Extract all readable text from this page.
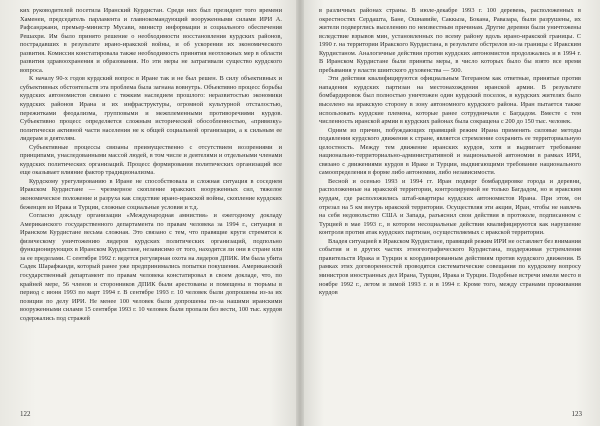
ких руководителей посетила Иранский Курдистан. Среди них был президент того времени Хаменеи, председатель парламента и главнокомандующий вооруженными силами ИРИ А. Рафсанджани, премьер-министр Мусави, министр информации и социального обеспечения Решахри. Им было принято решение о необходимости восстановления курдских районов, пострадавших в результате ирано-иракской войны, и об ускорении их экономического развития. Комиссия констатировала также необходимость принятия неотложных мер в области развития здравоохранения и образования. Но эти меры не затрагивали существо курдского вопроса.

К началу 90-х годов курдский вопрос в Иране так и не был решен. В силу объективных и субъективных обстоятельств эта проблема была загнана вовнутрь. Объективно процесс борьбы курдских автономистов связано с тяжким наследием прошлого: неразвитостью экономики курдских районов Ирана и их инфраструктуры, огромной культурной отсталостью, пережитками феодализма, групповыми и межплеменными противоречиями курдов. Субъективно процесс определяется сложным исторической обособленностью, «привязку» политически активной части населения не к общей социальной организации, а к сильным ее лидерам и деятелям.

Субъективные процессы связаны преимущественно с отсутствием воззрениями и принципами, унаследованными массой людей, в том числе и деятелями и отдельными членами курдских политических организаций. Процесс формирования политических организаций все еще оказывает влияние фактор традиционализма.

Курдскому урегулированию в Иране не способствовала и сложная ситуация в соседнем Иракском Курдистане — чрезмерное скопление иракских вооруженных сил, тяжелое экономическое положение и разруха как следствие ирано-иракской войны, скопление курдских беженцев из Ирака и Турции, сложные социальные условия и т.д.

Согласно докладу организации «Международная амнистия» и ежегодному докладу Американского государственного департамента по правам человека за 1994 г., ситуация в Иранском Курдистане весьма сложная. Это связано с тем, что правящие круги стремятся к физическому уничтожению лидеров курдских политических организаций, подпольно функционирующих в Иранском Курдистане, независимо от того, находятся ли они в стране или за ее пределами. С сентября 1992 г. ведется регулярная охота на лидеров ДПИК. Им была убита Садек Шарафканди, который ранее уже предпринимались попытки покушения. Американский государственный департамент по правам человека констатировал в своем докладе, что, по крайней мере, 56 членов и сторонников ДПИК были арестованы и помещены в тюрьмы в период с июня 1993 по март 1994 г. В сентябре 1993 г. 10 человек были допрошены из-за их позиции по делу ИРИ. Не менее 100 человек были допрошены по-за нашими иранскими вооруженными силами 15 сентября 1993 г. 10 человек были пропали без вести, 100 тыс. курдов содержались под стражей

122

в различных районах страны. В июле-декабре 1993 г. 100 деревень, расположенных в окрестностях Сердашта, Бане, Ошнавийе, Саккыза, Бокана, Равазара, были разрушены, их жители подверглись выселению по неизвестным причинам. Другие деревни были уничтожены вследствие взрывов мин, установленных по всему району вдоль ирано-иракской границы. С 1990 г. на территории Иракского Курдистана, в результате обстрелов из-за границы с Иракским Курдистаном. Аналогичные действия против курдских автономистов продолжались и в 1994 г. В Иранском Курдистане были приняты меры, в число которых было бы взято все время пребывания у власти шиитского духовенства — 500.

Эти действия квалифицируются официальным Тегераном как ответные, принятые против нападения курдских партизан на местонахождения иранской армии. В результате бомбардировок был полностью уничтожен один курдский поселок, в курдских жителях было выселено на иракскую сторону в зону автономного курдского района. Иран пытается также использовать курдские племена, которые ранее сотрудничали с Багдадом. Вместе с тем численность иранской армии в курдских районах была сокращена с 200 до 150 тыс. человек.

Одним из причин, побуждающих правящий режим Ирана применять силовые методы подавления курдского движения к стране, является стремление сохранить ее территориальную целостность. Между тем движение иранских курдов, хотя и выдвигает требование национально-территориально-административной и национальной автономии в рамках ИРИ, связано с движениями курдов в Ираке и Турции, выдвигающими требование национального самоопределения в форме либо автономии, либо независимости.

Весной и осенью 1993 и 1994 гг. Иран подверг бомбардировке города и деревни, расположенные на иракской территории, контролируемой не только Багдадом, но и иракским курдам, где расположились штаб-квартиры курдских автономистов Ирана. При этом, он отрезал на 5 км внутрь иракской территории. Осуществляя эти акции, Иран, чтобы не навлечь на себя недовольство США и Запада, разъяснил свои действия в протоколе, подписанном с Турцией в мае 1993 г., в котором несоциальные действия квалифицируются как нарушение контроля против атак курдских партизан, осуществляемых с иракской территории.

Владея ситуацией в Иракском Курдистане, правящий режим ИРИ не оставляет без внимания события и в других частях этногеографического Курдистана, поддерживая устремления правительств Ирака и Турции к координированным действиям против курдского движения. В рамках этих договоренностей проводятся систематические совещания по курдскому вопросу министров иностранных дел Ирана, Турции, Ирака и Турции. Подобные встречи имели место в ноябре 1992 г., летом и зимой 1993 г. и в 1994 г. Кроме того, между странами проживания курдов

123
